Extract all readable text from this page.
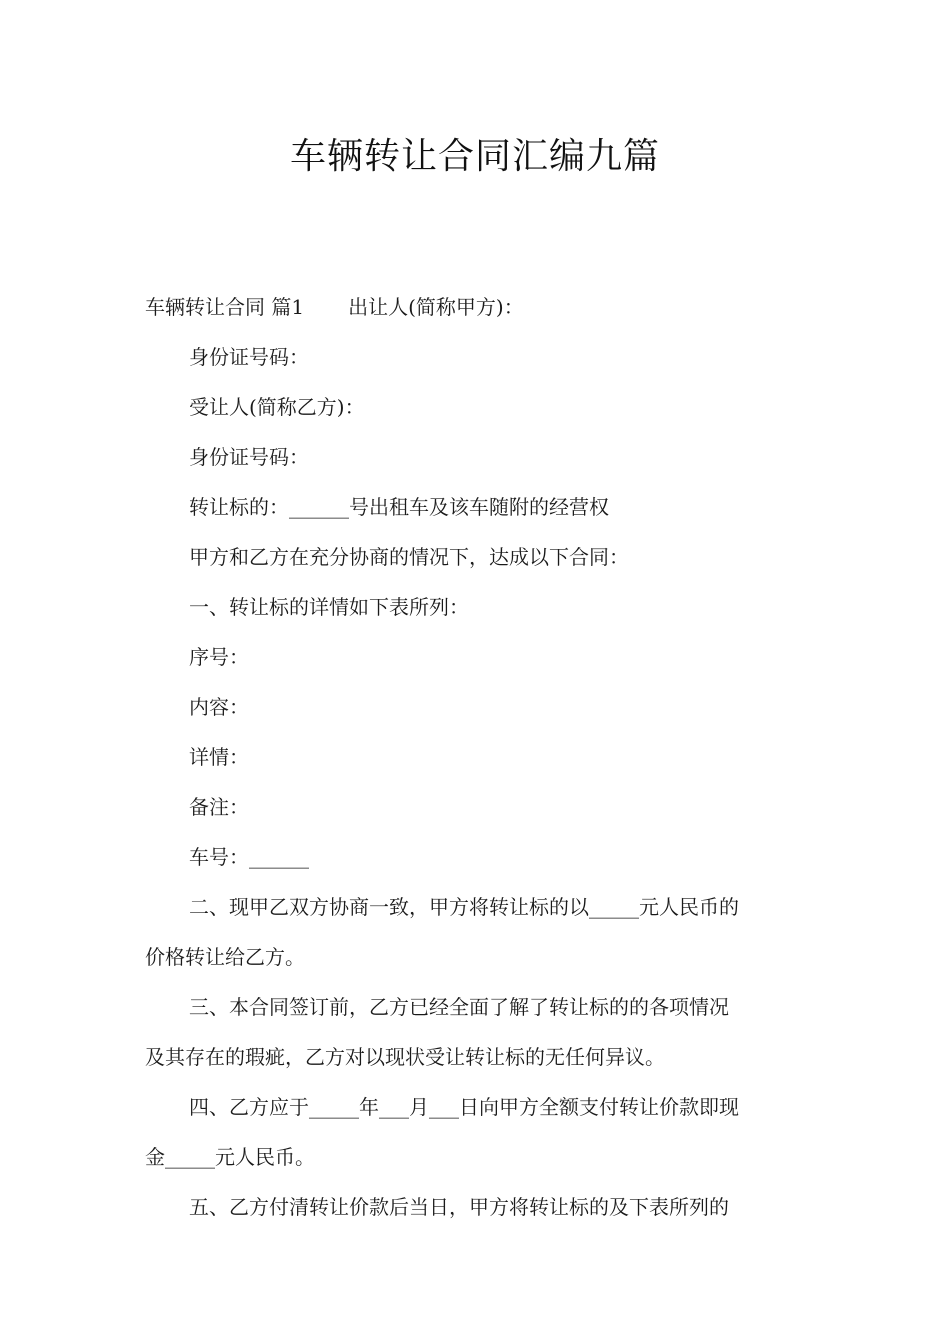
车辆转让合同汇编九篇

车辆转让合同 篇1 出让人(简称甲方)：

身份证号码：

受让人(简称乙方)：

身份证号码：

转让标的：______号出租车及该车随附的经营权

甲方和乙方在充分协商的情况下，达成以下合同：

一、转让标的详情如下表所列：

序号：

内容：

详情：

备注：

车号：______

二、现甲乙双方协商一致，甲方将转让标的以_____元人民币的

价格转让给乙方。

三、本合同签订前，乙方已经全面了解了转让标的的各项情况

及其存在的瑕疵，乙方对以现状受让转让标的无任何异议。

四、乙方应于_____年___月___日向甲方全额支付转让价款即现

金_____元人民币。

五、乙方付清转让价款后当日，甲方将转让标的及下表所列的
